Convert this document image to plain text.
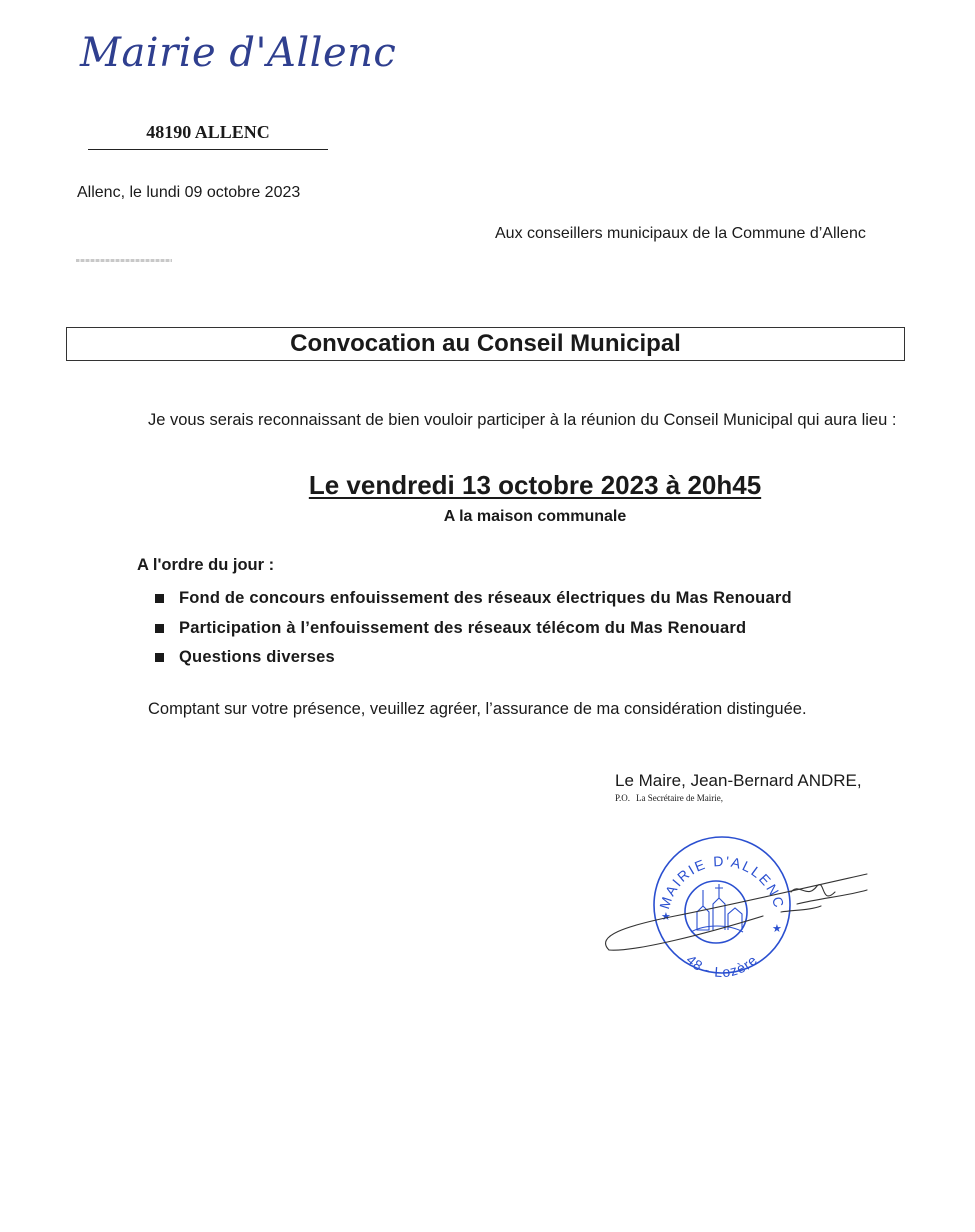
Mairie d'Allenc
48190 ALLENC
Allenc, le lundi 09 octobre 2023
Aux conseillers municipaux de la Commune d’Allenc
Convocation au Conseil Municipal
Je vous serais reconnaissant de bien vouloir participer à la réunion du Conseil Municipal qui aura lieu :
Le vendredi 13 octobre 2023 à 20h45
A la maison communale
A l'ordre du jour :
Fond de concours enfouissement des réseaux électriques du Mas Renouard
Participation à l’enfouissement des réseaux télécom du Mas Renouard
Questions diverses
Comptant sur votre présence, veuillez agréer, l’assurance de ma considération distinguée.
Le Maire, Jean-Bernard ANDRE,
P.O. La Secrétaire de Mairie,
MAIRIE D'ALLENC
48 - Lozère
★
★
